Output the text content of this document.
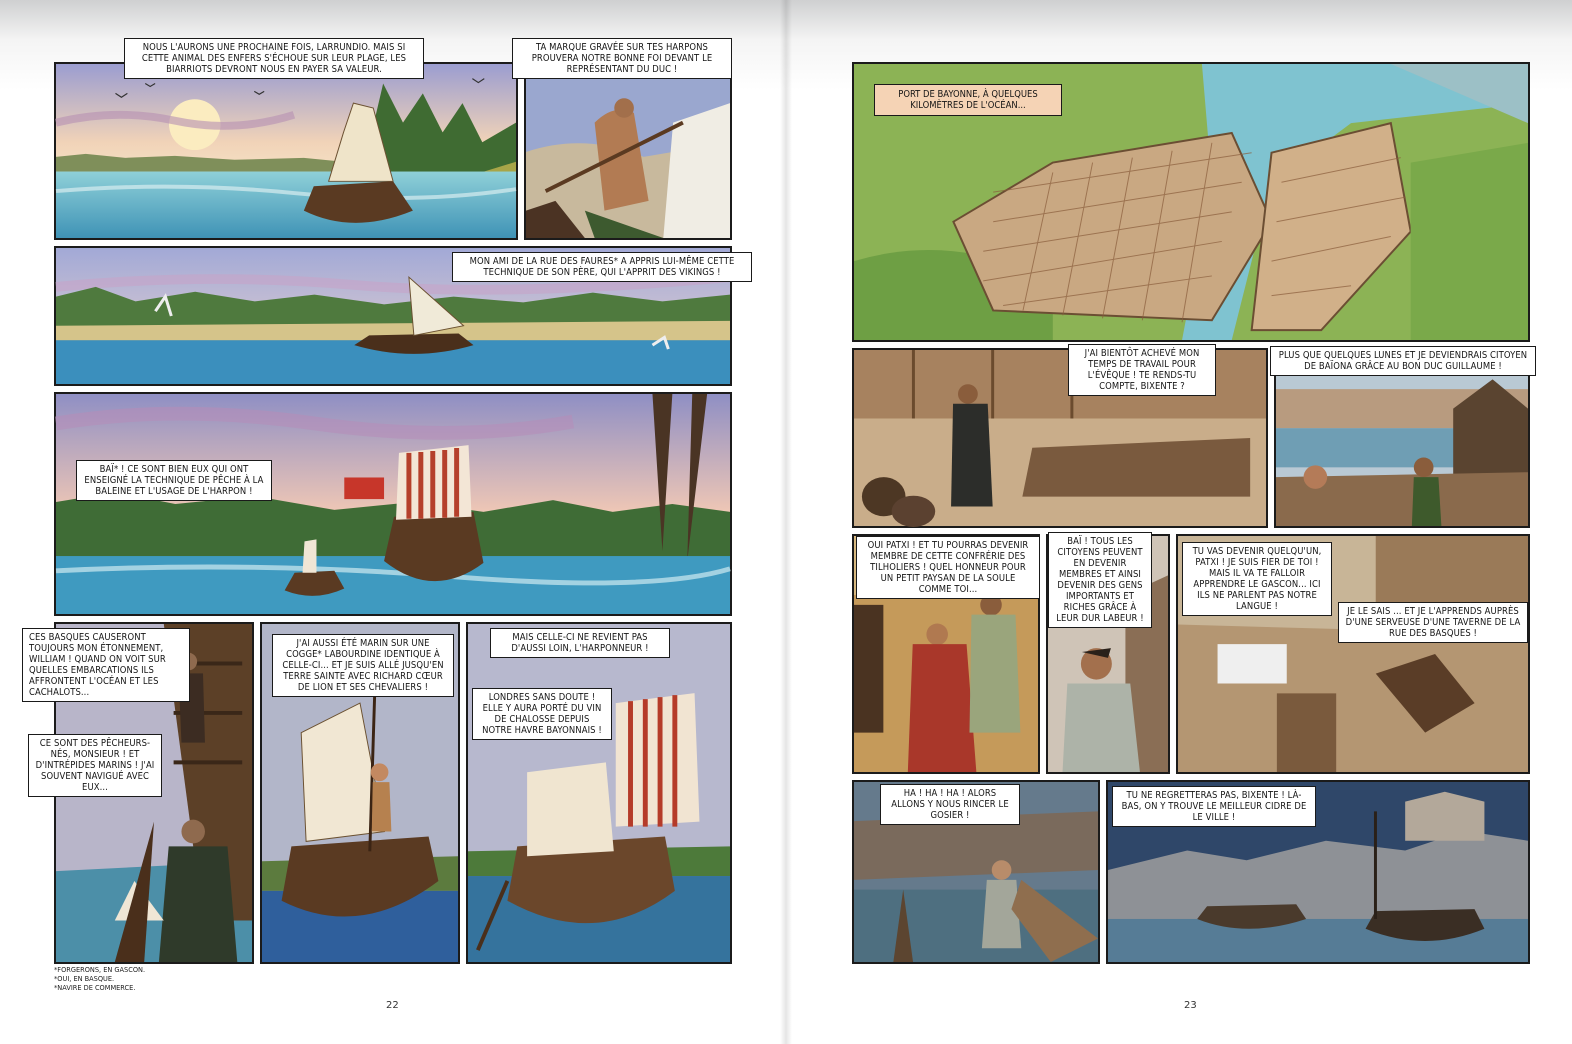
NOUS L'AURONS UNE PROCHAINE FOIS, LARRUNDIO. MAIS SI CETTE ANIMAL DES ENFERS S'ÉCHOUE SUR LEUR PLAGE, LES BIARRIOTS DEVRONT NOUS EN PAYER SA VALEUR.
TA MARQUE GRAVÉE SUR TES HARPONS PROUVERA NOTRE BONNE FOI DEVANT LE REPRÉSENTANT DU DUC !
MON AMI DE LA RUE DES FAURES* A APPRIS LUI-MÊME CETTE TECHNIQUE DE SON PÈRE, QUI L'APPRIT DES VIKINGS !
BAÏ* ! CE SONT BIEN EUX QUI ONT ENSEIGNÉ LA TECHNIQUE DE PÊCHE À LA BALEINE ET L'USAGE DE L'HARPON !
CES BASQUES CAUSERONT TOUJOURS MON ÉTONNEMENT, WILLIAM ! QUAND ON VOIT SUR QUELLES EMBARCATIONS ILS AFFRONTENT L'OCÉAN ET LES CACHALOTS...
CE SONT DES PÊCHEURS-NÉS, MONSIEUR ! ET D'INTRÉPIDES MARINS ! J'AI SOUVENT NAVIGUÉ AVEC EUX...
J'AI AUSSI ÉTÉ MARIN SUR UNE COGGE* LABOURDINE IDENTIQUE À CELLE-CI... ET JE SUIS ALLÉ JUSQU'EN TERRE SAINTE AVEC RICHARD CŒUR DE LION ET SES CHEVALIERS !
MAIS CELLE-CI NE REVIENT PAS D'AUSSI LOIN, L'HARPONNEUR !
LONDRES SANS DOUTE ! ELLE Y AURA PORTÉ DU VIN DE CHALOSSE DEPUIS NOTRE HAVRE BAYONNAIS !
*FORGERONS, EN GASCON.
*OUI, EN BASQUE.
*NAVIRE DE COMMERCE.
22
PORT DE BAYONNE, À QUELQUES KILOMÈTRES DE L'OCÉAN...
J'AI BIENTÔT ACHEVÉ MON TEMPS DE TRAVAIL POUR L'ÉVÊQUE ! TE RENDS-TU COMPTE, BIXENTE ?
PLUS QUE QUELQUES LUNES ET JE DEVIENDRAIS CITOYEN DE BAÏONA GRÂCE AU BON DUC GUILLAUME !
OUI PATXI ! ET TU POURRAS DEVENIR MEMBRE DE CETTE CONFRÉRIE DES TILHOLIERS ! QUEL HONNEUR POUR UN PETIT PAYSAN DE LA SOULE COMME TOI...
BAÏ ! TOUS LES CITOYENS PEUVENT EN DEVENIR MEMBRES ET AINSI DEVENIR DES GENS IMPORTANTS ET RICHES GRÂCE À LEUR DUR LABEUR !
TU VAS DEVENIR QUELQU'UN, PATXI ! JE SUIS FIER DE TOI ! MAIS IL VA TE FALLOIR APPRENDRE LE GASCON... ICI ILS NE PARLENT PAS NOTRE LANGUE !	JE LE SAIS ... ET JE L'APPRENDS AUPRÈS D'UNE SERVEUSE D'UNE TAVERNE DE LA RUE DES BASQUES !
HA ! HA ! HA ! ALORS ALLONS Y NOUS RINCER LE GOSIER !
TU NE REGRETTERAS PAS, BIXENTE ! LÀ-BAS, ON Y TROUVE LE MEILLEUR CIDRE DE LE VILLE !
23
